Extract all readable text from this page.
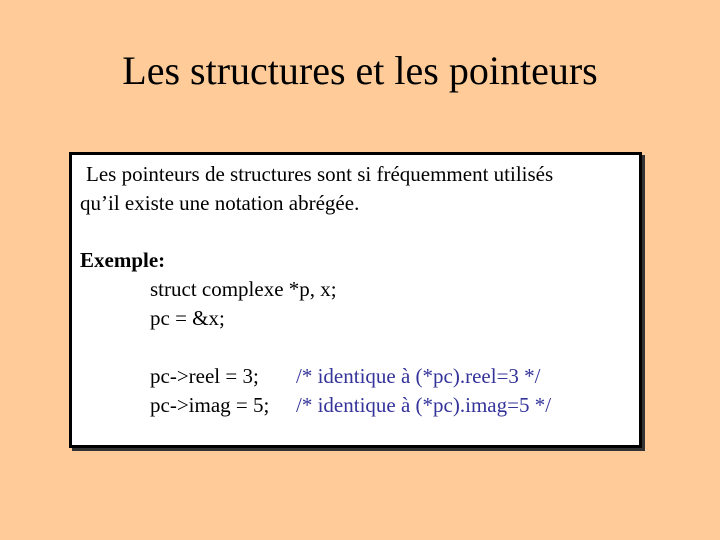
Les structures et les pointeurs
Les pointeurs de structures sont si fréquemment utilisés
qu’il existe une notation abrégée.
Exemple:
struct complexe *p, x;
pc = &x;
pc->reel = 3; /* identique à (*pc).reel=3 */
pc->imag = 5; /* identique à (*pc).imag=5 */
